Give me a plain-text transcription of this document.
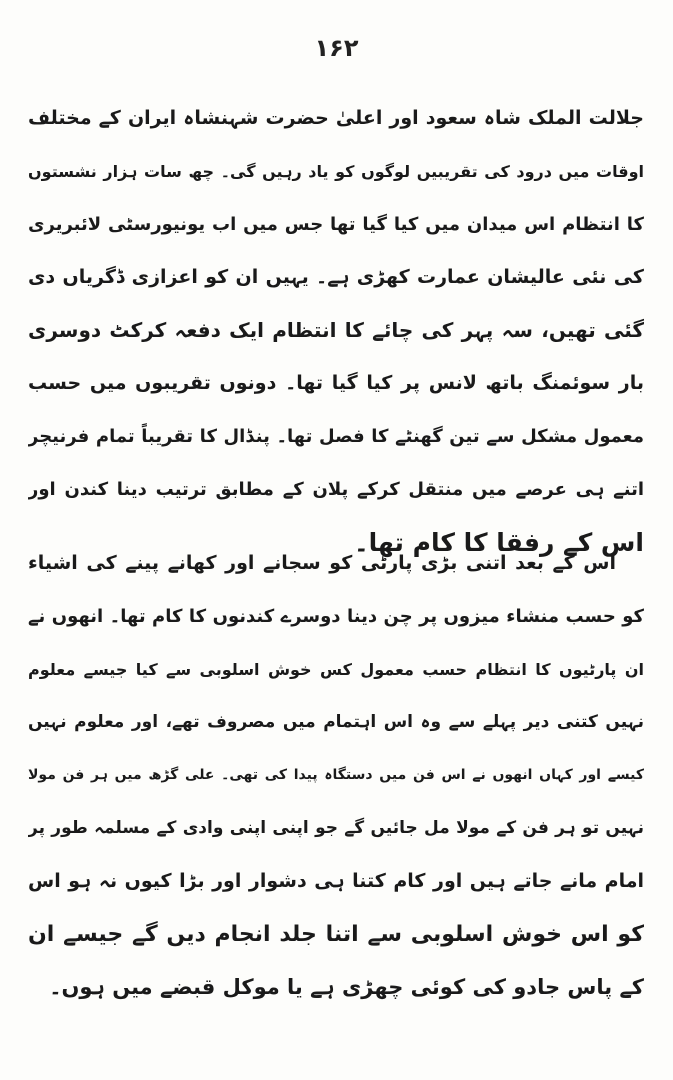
۱۶۲
جلالت الملک شاہ سعود اور اعلیٰ حضرت شہنشاہ ایران کے مختلف
اوقات میں درود کی تقریبیں لوگوں کو یاد رہیں گی۔ چھ سات ہزار نشستوں
کا انتظام اس میدان میں کیا گیا تھا جس میں اب یونیورسٹی لائبریری
کی نئی عالیشان عمارت کھڑی ہے۔ یہیں ان کو اعزازی ڈگریاں دی
گئی تھیں، سہ پہر کی چائے کا انتظام ایک دفعہ کرکٹ دوسری
بار سوئمنگ باتھ لانس پر کیا گیا تھا۔ دونوں تقریبوں میں حسب
معمول مشکل سے تین گھنٹے کا فصل تھا۔ پنڈال کا تقریباً تمام فرنیچر
اتنے ہی عرصے میں منتقل کرکے پلان کے مطابق ترتیب دینا کندن اور
اس کے رفقا کا کام تھا۔
اس کے بعد اتنی بڑی پارٹی کو سجانے اور کھانے پینے کی اشیاء
کو حسب منشاء میزوں پر چن دینا دوسرے کندنوں کا کام تھا۔ انھوں نے
ان پارٹیوں کا انتظام حسب معمول کس خوش اسلوبی سے کیا جیسے معلوم
نہیں کتنی دیر پہلے سے وہ اس اہتمام میں مصروف تھے، اور معلوم نہیں
کیسے اور کہاں انھوں نے اس فن میں دستگاہ پیدا کی تھی۔ علی گڑھ میں ہر فن مولا
نہیں تو ہر فن کے مولا مل جائیں گے جو اپنی اپنی وادی کے مسلمہ طور پر
امام مانے جاتے ہیں اور کام کتنا ہی دشوار اور بڑا کیوں نہ ہو اس
کو اس خوش اسلوبی سے اتنا جلد انجام دیں گے جیسے ان
کے پاس جادو کی کوئی چھڑی ہے یا موکل قبضے میں ہوں۔
